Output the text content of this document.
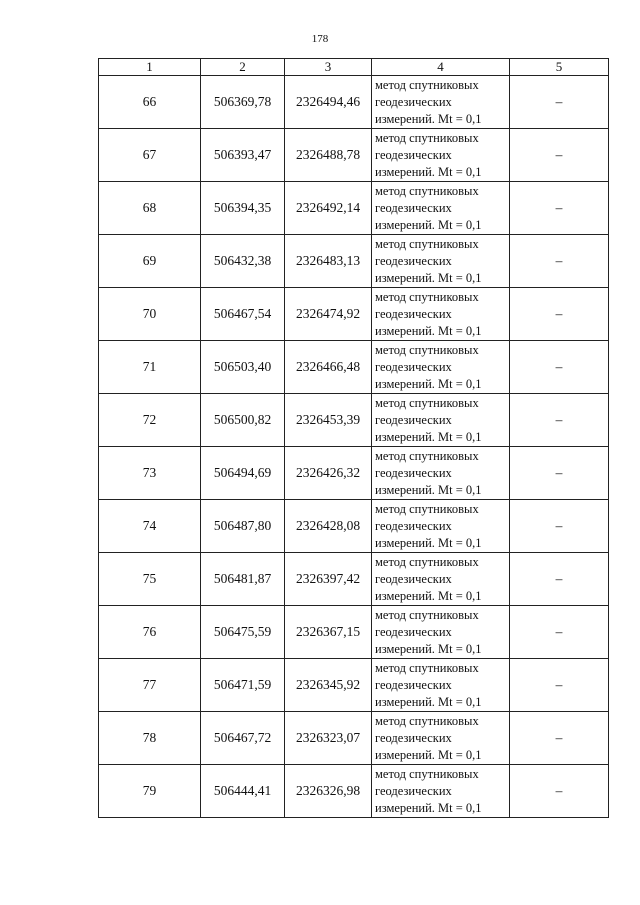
178
1	2	3	4	5
66	506369,78	2326494,46	метод спутниковых
геодезических
измерений. Mt = 0,1	–
67	506393,47	2326488,78	метод спутниковых
геодезических
измерений. Mt = 0,1	–
68	506394,35	2326492,14	метод спутниковых
геодезических
измерений. Mt = 0,1	–
69	506432,38	2326483,13	метод спутниковых
геодезических
измерений. Mt = 0,1	–
70	506467,54	2326474,92	метод спутниковых
геодезических
измерений. Mt = 0,1	–
71	506503,40	2326466,48	метод спутниковых
геодезических
измерений. Mt = 0,1	–
72	506500,82	2326453,39	метод спутниковых
геодезических
измерений. Mt = 0,1	–
73	506494,69	2326426,32	метод спутниковых
геодезических
измерений. Mt = 0,1	–
74	506487,80	2326428,08	метод спутниковых
геодезических
измерений. Mt = 0,1	–
75	506481,87	2326397,42	метод спутниковых
геодезических
измерений. Mt = 0,1	–
76	506475,59	2326367,15	метод спутниковых
геодезических
измерений. Mt = 0,1	–
77	506471,59	2326345,92	метод спутниковых
геодезических
измерений. Mt = 0,1	–
78	506467,72	2326323,07	метод спутниковых
геодезических
измерений. Mt = 0,1	–
79	506444,41	2326326,98	метод спутниковых
геодезических
измерений. Mt = 0,1	–
